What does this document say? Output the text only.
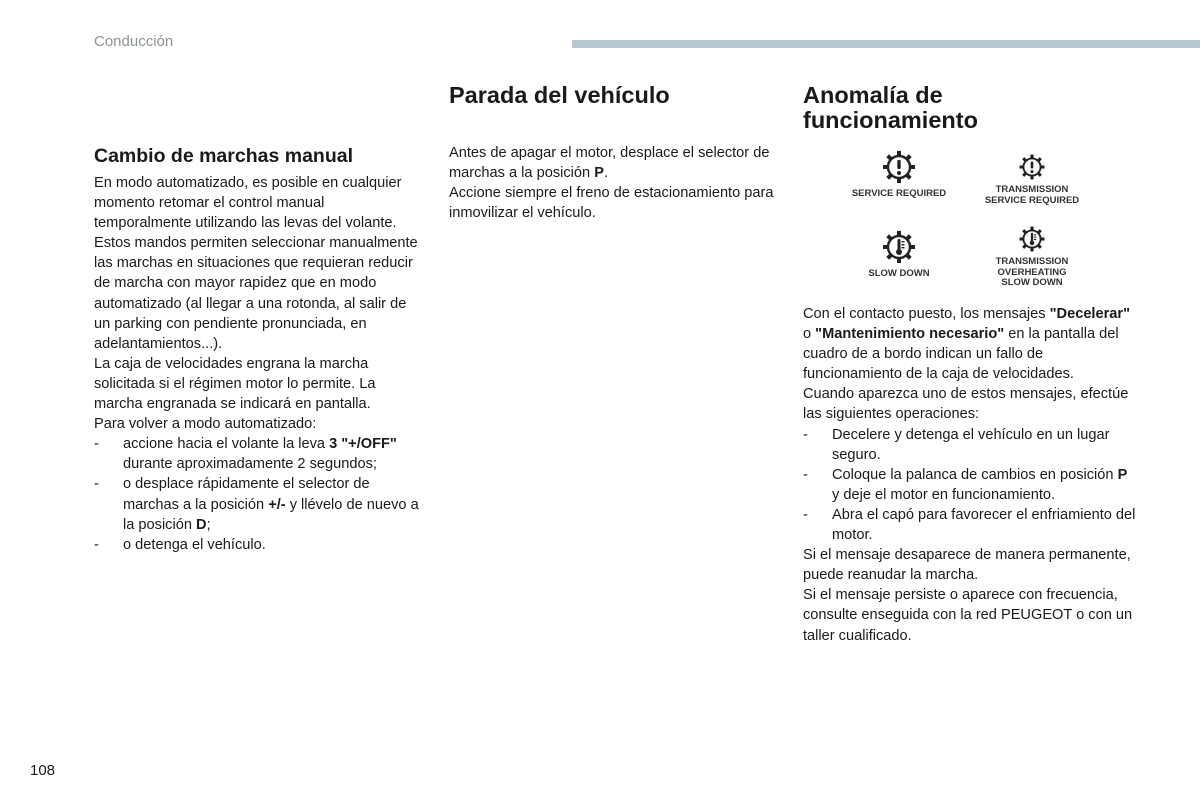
Conducción
Cambio de marchas manual

En modo automatizado, es posible en cualquier momento retomar el control manual temporalmente utilizando las levas del volante.

Estos mandos permiten seleccionar manualmente las marchas en situaciones que requieran reducir de marcha con mayor rapidez que en modo automatizado (al llegar a una rotonda, al salir de un parking con pendiente pronunciada, en adelantamientos...).

La caja de velocidades engrana la marcha solicitada si el régimen motor lo permite. La marcha engranada se indicará en pantalla.

Para volver a modo automatizado:

- accione hacia el volante la leva 3 "+/OFF" durante aproximadamente 2 segundos;

- o desplace rápidamente el selector de marchas a la posición +/- y llévelo de nuevo a la posición D;

- o detenga el vehículo.

Parada del vehículo

Antes de apagar el motor, desplace el selector de marchas a la posición P.

Accione siempre el freno de estacionamiento para inmovilizar el vehículo.

Anomalía de funcionamiento
SERVICE REQUIRED	TRANSMISSION
SERVICE REQUIRED
SLOW DOWN
TRANSMISSION
OVERHEATING
SLOW DOWN

Con el contacto puesto, los mensajes "Decelerar" o "Mantenimiento necesario" en la pantalla del cuadro de a bordo indican un fallo de funcionamiento de la caja de velocidades.

Cuando aparezca uno de estos mensajes, efectúe las siguientes operaciones:

- Decelere y detenga el vehículo en un lugar seguro.

- Coloque la palanca de cambios en posición P y deje el motor en funcionamiento.

- Abra el capó para favorecer el enfriamiento del motor.

Si el mensaje desaparece de manera permanente, puede reanudar la marcha.

Si el mensaje persiste o aparece con frecuencia, consulte enseguida con la red PEUGEOT o con un taller cualificado.

108
